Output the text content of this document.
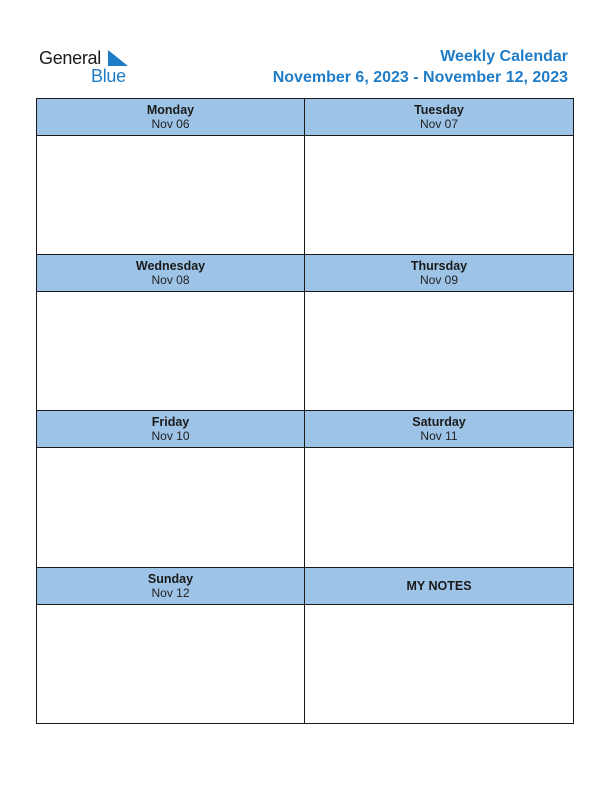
General
Blue
Weekly Calendar
November 6, 2023 - November 12, 2023
Monday
Nov 06
Tuesday
Nov 07
Wednesday
Nov 08
Thursday
Nov 09
Friday
Nov 10
Saturday
Nov 11
Sunday
Nov 12	MY NOTES
